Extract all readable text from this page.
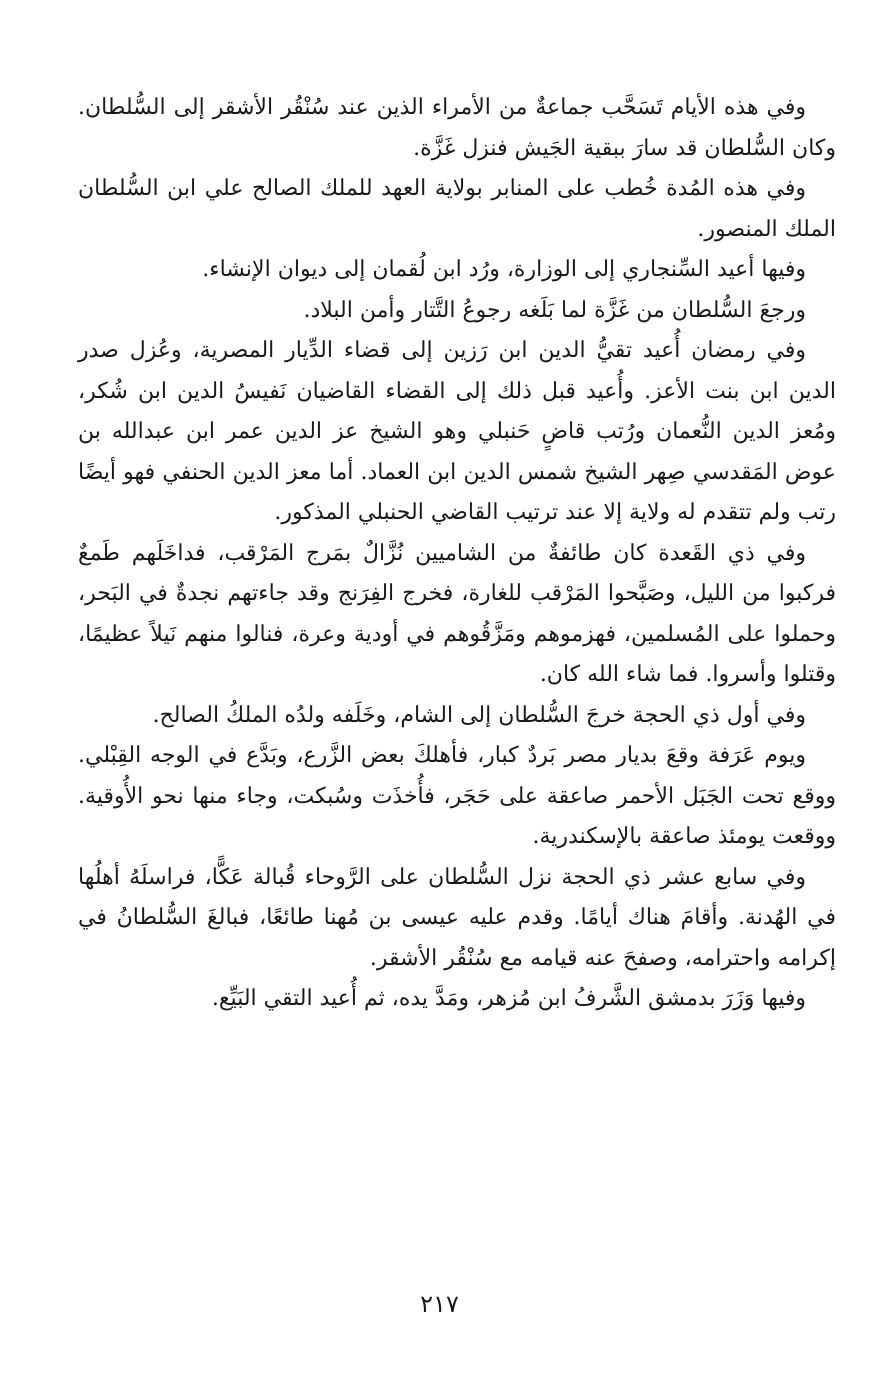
وفي هذه الأيام تَسَحَّب جماعةٌ من الأمراء الذين عند سُنْقُر الأشقر إلى السُّلطان. وكان السُّلطان قد سارَ ببقية الجَيش فنزل غَزَّة.

وفي هذه المُدة خُطب على المنابر بولاية العهد للملك الصالح علي ابن السُّلطان الملك المنصور.

وفيها أعيد السِّنجاري إلى الوزارة، ورُد ابن لُقمان إلى ديوان الإنشاء.

ورجعَ السُّلطان من غَزَّة لما بَلَغه رجوعُ التَّتار وأمن البلاد.

وفي رمضان أُعيد تقيُّ الدين ابن رَزين إلى قضاء الدِّيار المصرية، وعُزل صدر الدين ابن بنت الأعز. وأُعيد قبل ذلك إلى القضاء القاضيان نَفيسُ الدين ابن شُكر، ومُعز الدين النُّعمان ورُتب قاضٍ حَنبلي وهو الشيخ عز الدين عمر ابن عبدالله بن عوض المَقدسي صِهر الشيخ شمس الدين ابن العماد. أما معز الدين الحنفي فهو أيضًا رتب ولم تتقدم له ولاية إلا عند ترتيب القاضي الحنبلي المذكور.

وفي ذي القَعدة كان طائفةٌ من الشاميين نُزَّالٌ بمَرج المَرْقب، فداخَلَهم طَمعٌ فركبوا من الليل، وصَبَّحوا المَرْقب للغارة، فخرج الفِرَنج وقد جاءتهم نجدةٌ في البَحر، وحملوا على المُسلمين، فهزموهم ومَزَّقُوهم في أودية وعرة، فنالوا منهم نَيلاً عظيمًا، وقتلوا وأسروا. فما شاء الله كان.

وفي أول ذي الحجة خرجَ السُّلطان إلى الشام، وخَلَفه ولدُه الملكُ الصالح.

ويوم عَرَفة وقعَ بديار مصر بَردٌ كبار، فأهلكَ بعض الزَّرع، وبَدَّع في الوجه القِبْلي. ووقع تحت الجَبَل الأحمر صاعقة على حَجَر، فأُخذَت وسُبكت، وجاء منها نحو الأُوقية. ووقعت يومئذ صاعقة بالإسكندرية.

وفي سابع عشر ذي الحجة نزل السُّلطان على الرَّوحاء قُبالة عَكًّا، فراسلَهُ أهلُها في الهُدنة. وأقامَ هناك أيامًا. وقدم عليه عيسى بن مُهنا طائعًا، فبالغَ السُّلطانُ في إكرامه واحترامه، وصفحَ عنه قيامه مع سُنْقُر الأشقر.

وفيها وَزَرَ بدمشق الشَّرفُ ابن مُزهر، ومَدَّ يده، ثم أُعيد التقي البَيِّع.

٢١٧
